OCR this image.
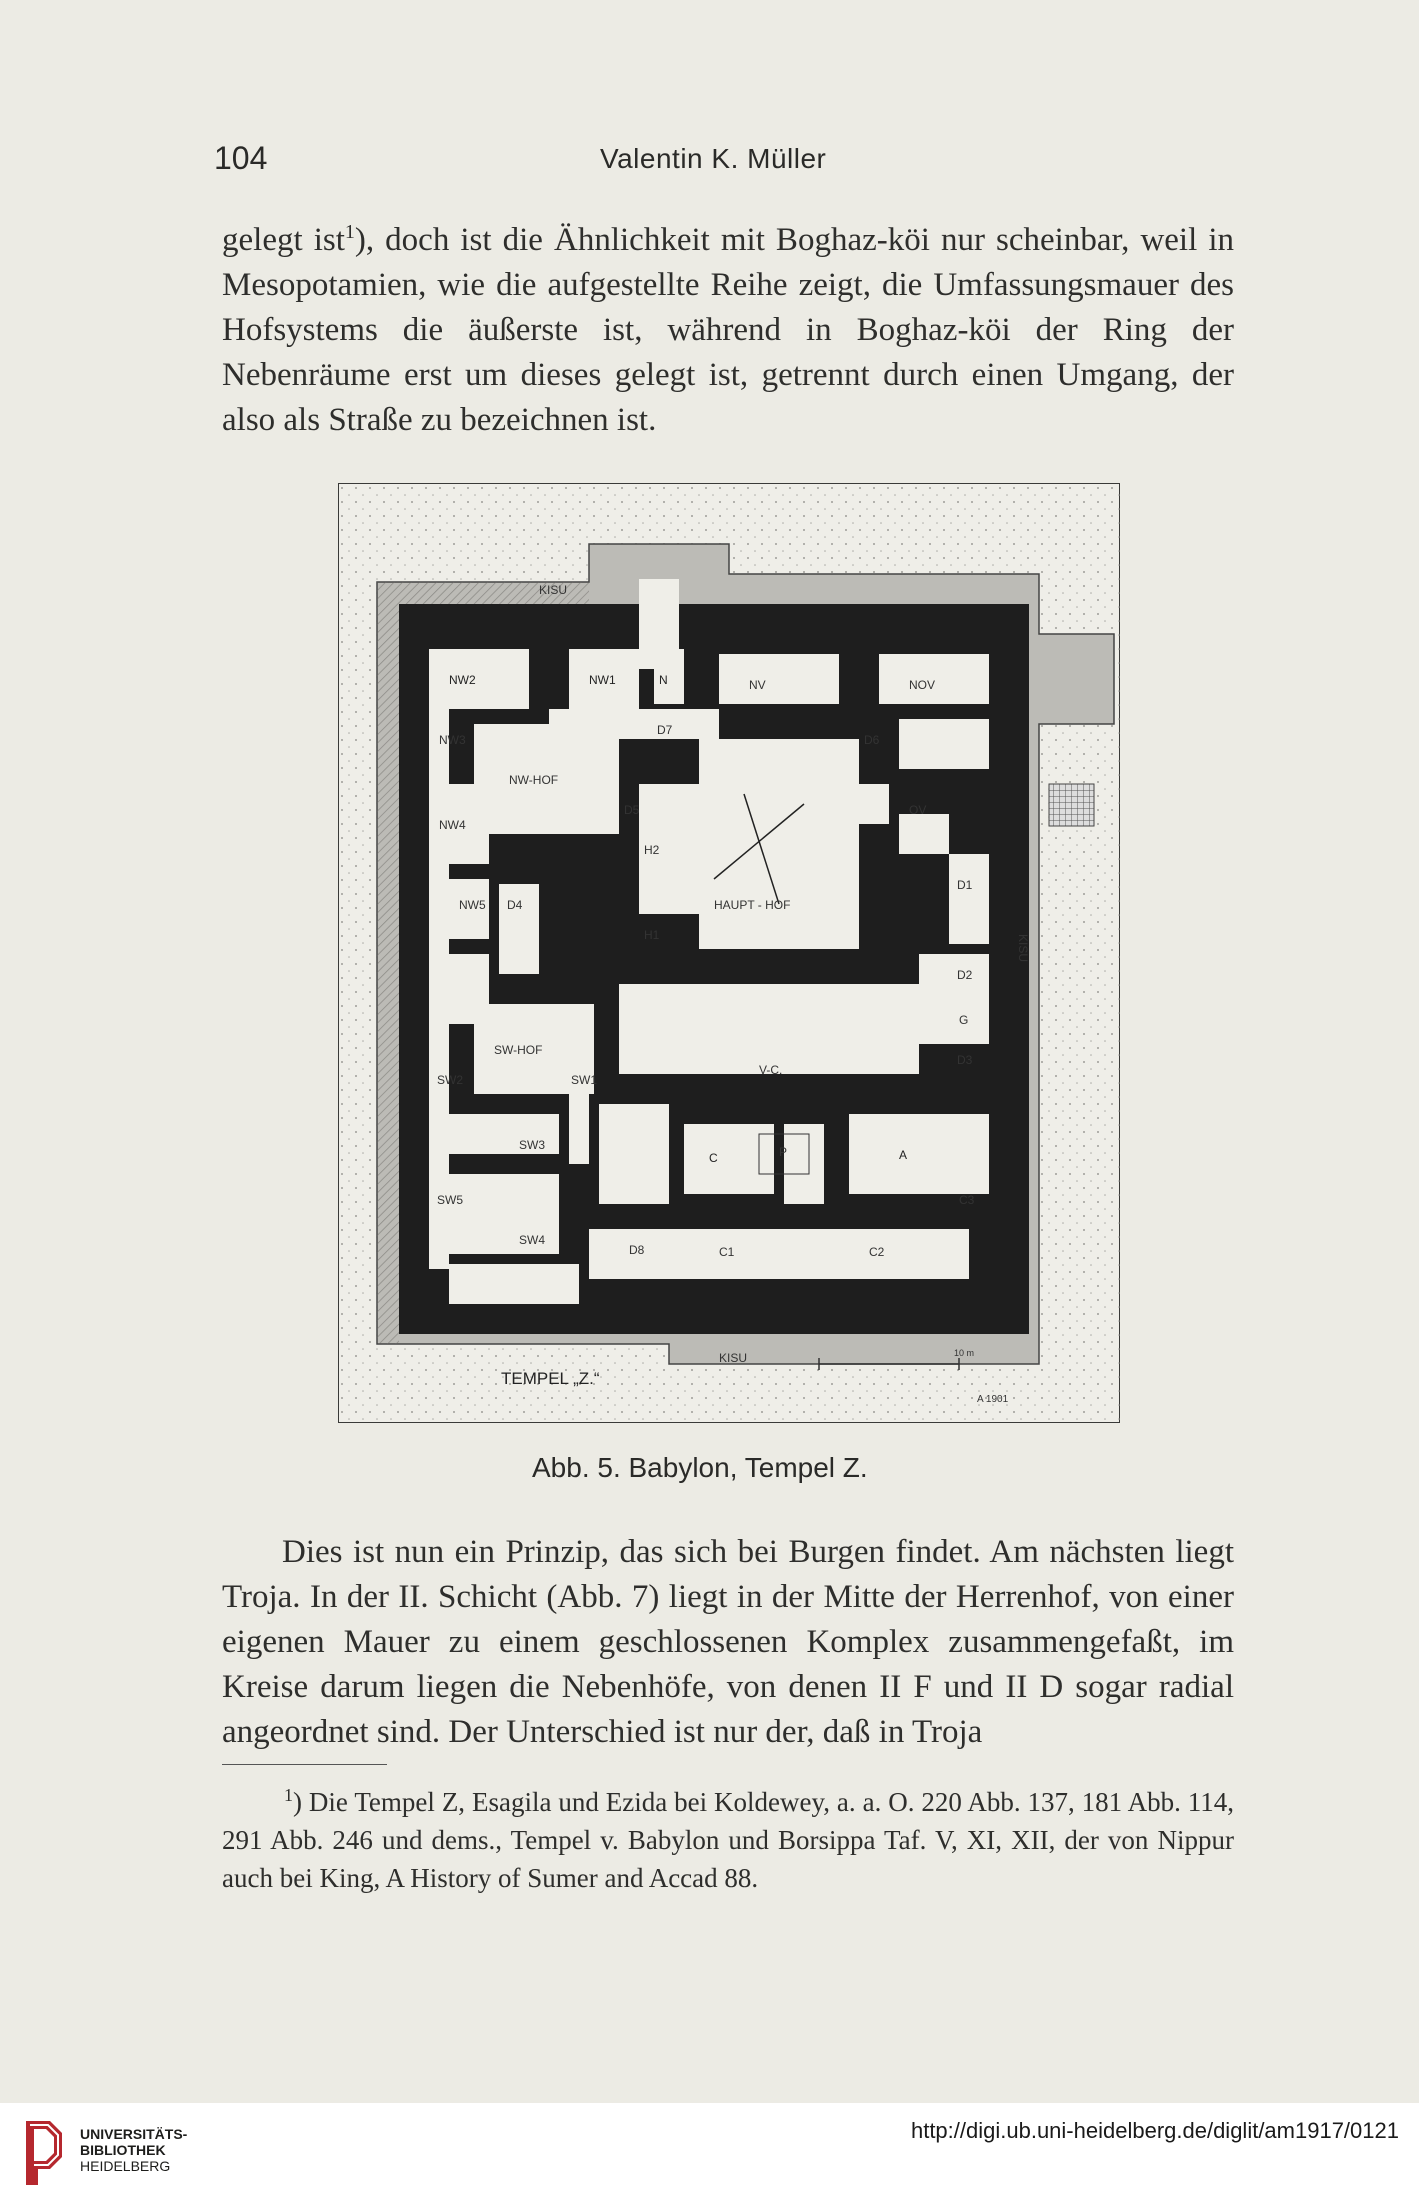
104	Valentin K. Müller
gelegt ist$^1$), doch ist die Ähnlichkeit mit Boghaz-köi nur scheinbar, weil in Mesopotamien, wie die aufgestellte Reihe zeigt, die Umfassungsmauer des Hofsystems die äußerste ist, während in Boghaz-köi der Ring der Nebenräume erst um dieses gelegt ist, getrennt durch einen Umgang, der also als Straße zu bezeichnen ist.
KISU
KISU
KISU
NW2	NW1	N	NV	NOV
D7
D6
D5
NW-HOF
OV
NW3
NW4
NW5 D4
H2
H1
HAUPT - HOF
D1
D2
D3
SW-HOF
SW1
SW2
V-C.
SW3
SW4
SW5
C	P	A
D8	C1	C2
C3
G
TEMPEL „Z.“
10 m
A 1901
Abb. 5. Babylon, Tempel Z.
Dies ist nun ein Prinzip, das sich bei Burgen findet. Am nächsten liegt Troja. In der II. Schicht (Abb. 7) liegt in der Mitte der Herrenhof, von einer eigenen Mauer zu einem geschlossenen Komplex zusammengefaßt, im Kreise darum liegen die Nebenhöfe, von denen II F und II D sogar radial angeordnet sind. Der Unterschied ist nur der, daß in Troja
$^1$) Die Tempel Z, Esagila und Ezida bei Koldewey, a. a. O. 220 Abb. 137, 181 Abb. 114, 291 Abb. 246 und dems., Tempel v. Babylon und Borsippa Taf. V, XI, XII, der von Nippur auch bei King, A History of Sumer and Accad 88.
UNIVERSITÄTS-
BIBLIOTHEK
HEIDELBERG
http://digi.ub.uni-heidelberg.de/diglit/am1917/0121
